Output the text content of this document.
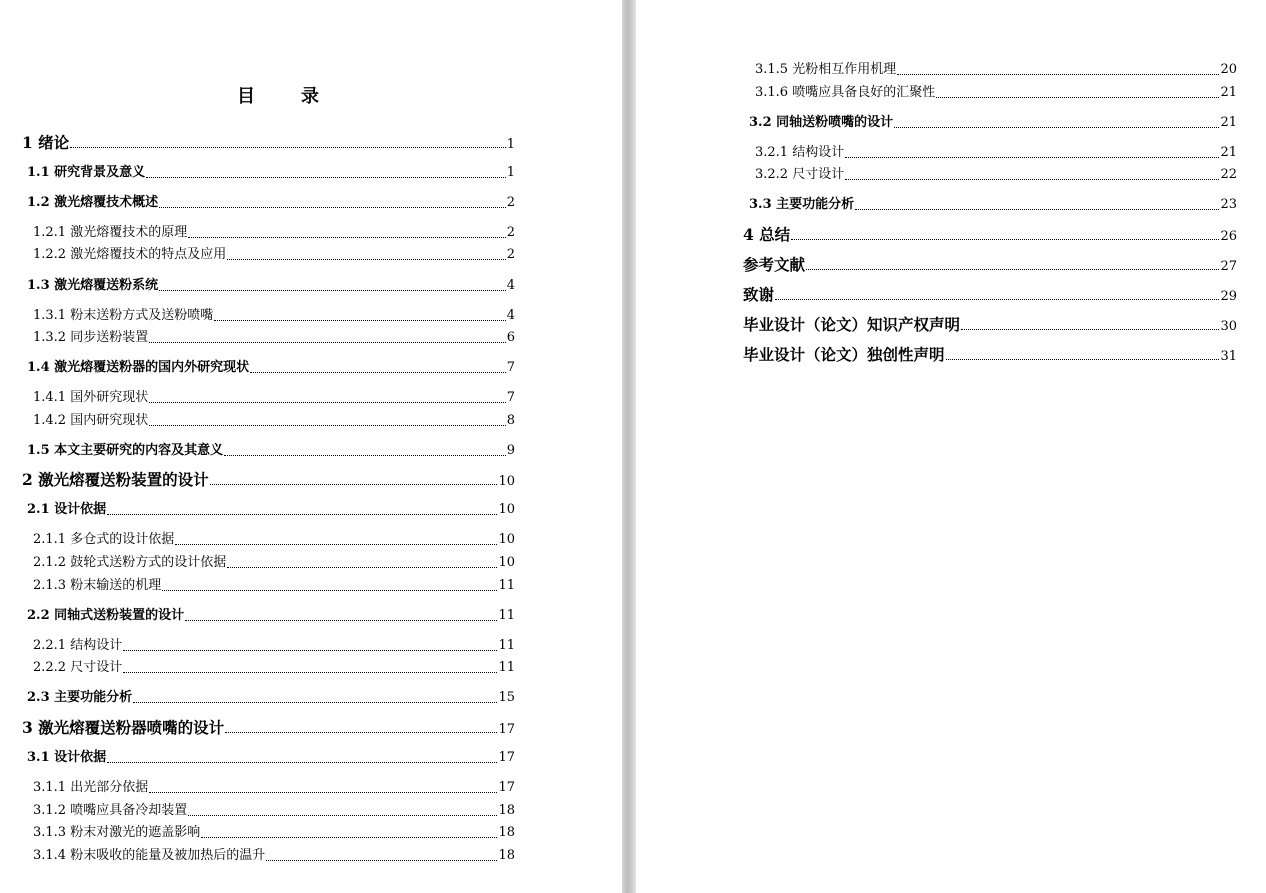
目　录
1 绪论	1
1.1 研究背景及意义	1
1.2 激光熔覆技术概述	2
1.2.1 激光熔覆技术的原理	2
1.2.2 激光熔覆技术的特点及应用	2
1.3 激光熔覆送粉系统	4
1.3.1 粉末送粉方式及送粉喷嘴	4
1.3.2 同步送粉装置	6
1.4 激光熔覆送粉器的国内外研究现状	7
1.4.1 国外研究现状	7
1.4.2 国内研究现状	8
1.5 本文主要研究的内容及其意义	9
2 激光熔覆送粉装置的设计	10
2.1 设计依据	10
2.1.1 多仓式的设计依据	10
2.1.2 鼓轮式送粉方式的设计依据	10
2.1.3 粉末输送的机理	11
2.2 同轴式送粉装置的设计	11
2.2.1 结构设计	11
2.2.2 尺寸设计	11
2.3 主要功能分析	15
3 激光熔覆送粉器喷嘴的设计	17
3.1 设计依据	17
3.1.1 出光部分依据	17
3.1.2 喷嘴应具备冷却装置	18
3.1.3 粉末对激光的遮盖影响	18
3.1.4 粉末吸收的能量及被加热后的温升	18
3.1.5 光粉相互作用机理	20
3.1.6 喷嘴应具备良好的汇聚性	21
3.2 同轴送粉喷嘴的设计	21
3.2.1 结构设计	21
3.2.2 尺寸设计	22
3.3 主要功能分析	23
4 总结	26
参考文献	27
致谢	29
毕业设计（论文）知识产权声明	30
毕业设计（论文）独创性声明	31
